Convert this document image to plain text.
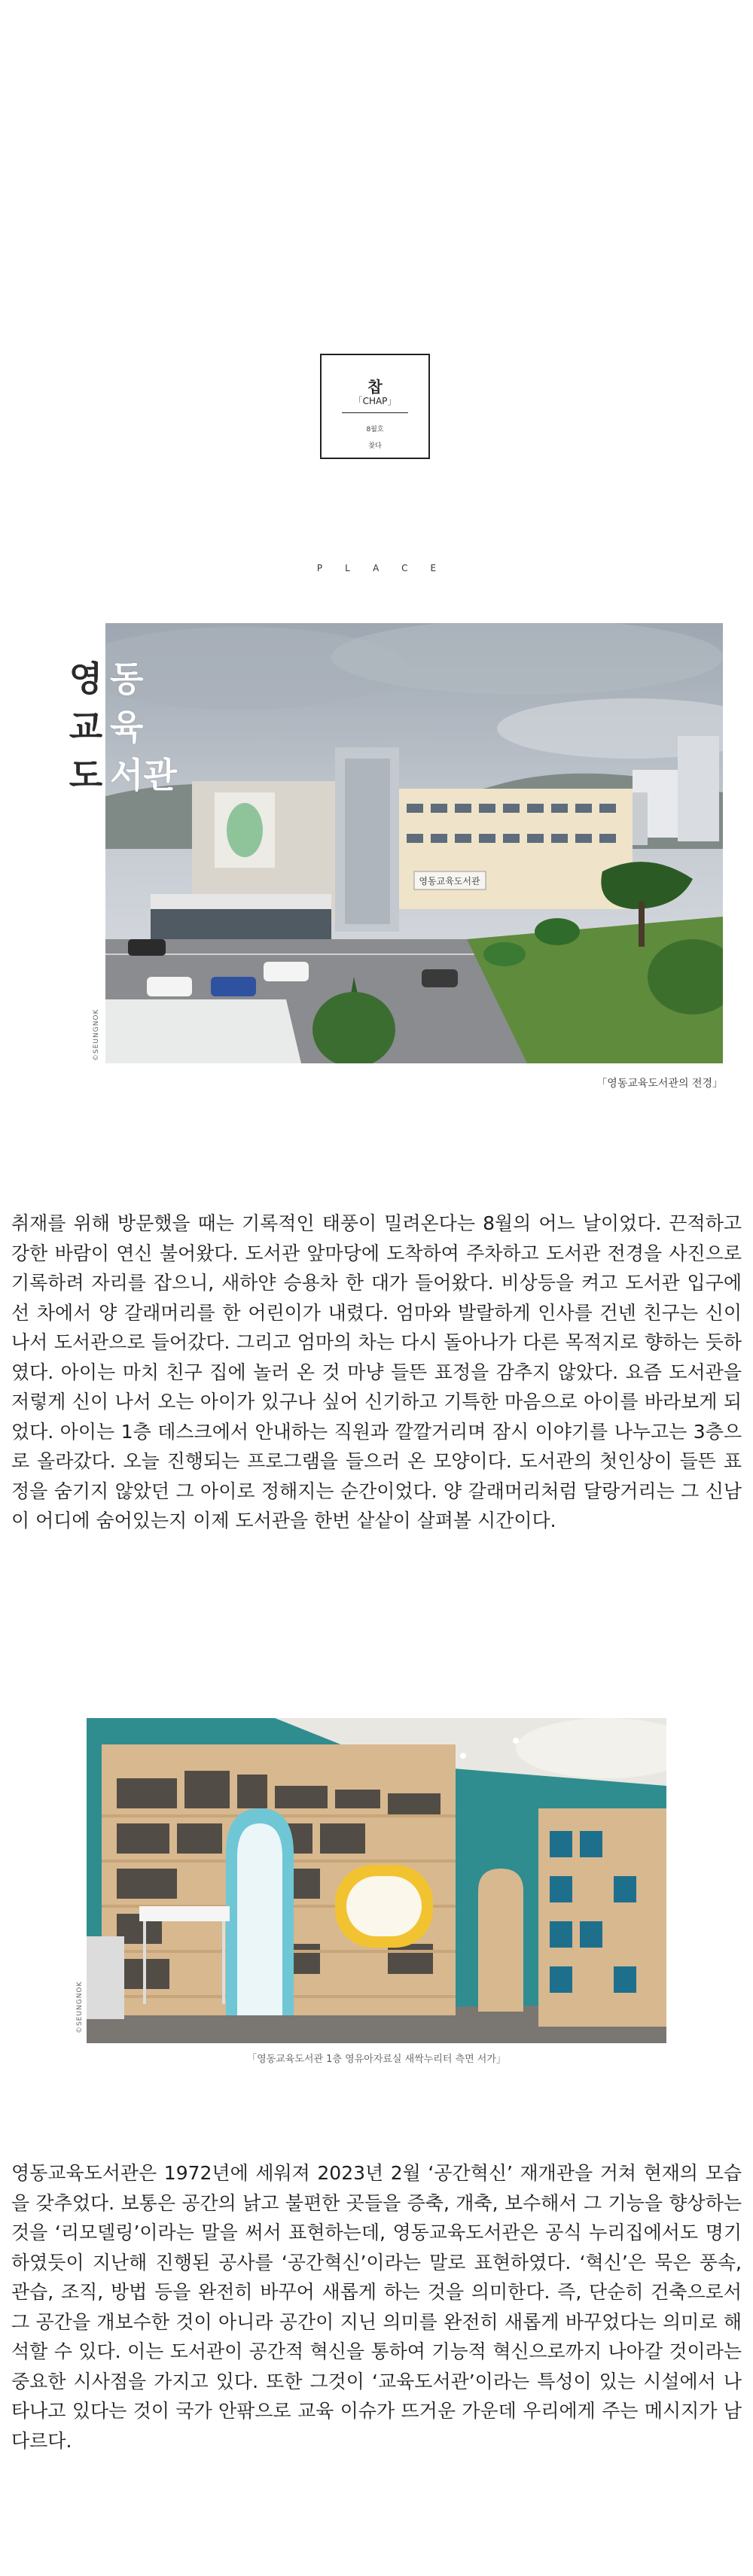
찹
「CHAP」
8월호
찾다
PLACE
영동교육도서관
영
교
도
동
육
서관
©SEUNGNOK
「영동교육도서관의 전경」

취재를 위해 방문했을 때는 기록적인 태풍이 밀려온다는 8월의 어느 날이었다. 끈적하고 강한 바람이 연신 불어왔다. 도서관 앞마당에 도착하여 주차하고 도서관 전경을 사진으로 기록하려 자리를 잡으니, 새하얀 승용차 한 대가 들어왔다. 비상등을 켜고 도서관 입구에 선 차에서 양 갈래머리를 한 어린이가 내렸다. 엄마와 발랄하게 인사를 건넨 친구는 신이 나서 도서관으로 들어갔다. 그리고 엄마의 차는 다시 돌아나가 다른 목적지로 향하는 듯하였다. 아이는 마치 친구 집에 놀러 온 것 마냥 들뜬 표정을 감추지 않았다. 요즘 도서관을 저렇게 신이 나서 오는 아이가 있구나 싶어 신기하고 기특한 마음으로 아이를 바라보게 되었다. 아이는 1층 데스크에서 안내하는 직원과 깔깔거리며 잠시 이야기를 나누고는 3층으로 올라갔다. 오늘 진행되는 프로그램을 들으러 온 모양이다. 도서관의 첫인상이 들뜬 표정을 숨기지 않았던 그 아이로 정해지는 순간이었다. 양 갈래머리처럼 달랑거리는 그 신남이 어디에 숨어있는지 이제 도서관을 한번 샅샅이 살펴볼 시간이다.

©SEUNGNOK
「영동교육도서관 1층 영유아자료실 새싹누리터 측면 서가」

영동교육도서관은 1972년에 세워져 2023년 2월 ‘공간혁신’ 재개관을 거쳐 현재의 모습을 갖추었다. 보통은 공간의 낡고 불편한 곳들을 증축, 개축, 보수해서 그 기능을 향상하는 것을 ‘리모델링’이라는 말을 써서 표현하는데, 영동교육도서관은 공식 누리집에서도 명기하였듯이 지난해 진행된 공사를 ‘공간혁신’이라는 말로 표현하였다. ‘혁신’은 묵은 풍속, 관습, 조직, 방법 등을 완전히 바꾸어 새롭게 하는 것을 의미한다. 즉, 단순히 건축으로서 그 공간을 개보수한 것이 아니라 공간이 지닌 의미를 완전히 새롭게 바꾸었다는 의미로 해석할 수 있다. 이는 도서관이 공간적 혁신을 통하여 기능적 혁신으로까지 나아갈 것이라는 중요한 시사점을 가지고 있다. 또한 그것이 ‘교육도서관’이라는 특성이 있는 시설에서 나타나고 있다는 것이 국가 안팎으로 교육 이슈가 뜨거운 가운데 우리에게 주는 메시지가 남다르다.
